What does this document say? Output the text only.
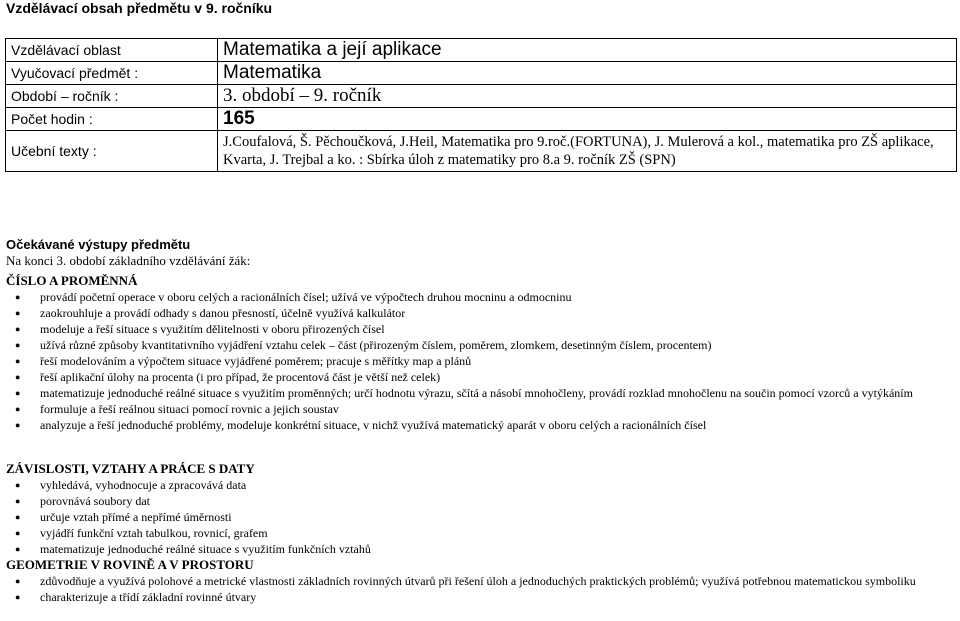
Vzdělávací obsah předmětu v 9. ročníku
Vzdělávací oblast	Matematika a její aplikace
Vyučovací předmět :	Matematika
Období – ročník :	3. období – 9. ročník
Počet hodin :	165
Učební texty :	J.Coufalová, Š. Pěchoučková, J.Heil, Matematika pro 9.roč.(FORTUNA), J. Mulerová a kol., matematika pro ZŠ aplikace, Kvarta, J. Trejbal a ko. : Sbírka úloh z matematiky pro 8.a 9. ročník ZŠ (SPN)
Očekávané výstupy předmětu
Na konci 3. období základního vzdělávání žák:
ČÍSLO A PROMĚNNÁ
● provádí početní operace v oboru celých a racionálních čísel; užívá ve výpočtech druhou mocninu a odmocninu
● zaokrouhluje a provádí odhady s danou přesností, účelně využívá kalkulátor
● modeluje a řeší situace s využitím dělitelnosti v oboru přirozených čísel
● užívá různé způsoby kvantitativního vyjádření vztahu celek – část (přirozeným číslem, poměrem, zlomkem, desetinným číslem, procentem)
● řeší modelováním a výpočtem situace vyjádřené poměrem; pracuje s měřítky map a plánů
● řeší aplikační úlohy na procenta (i pro případ, že procentová část je větší než celek)
● matematizuje jednoduché reálné situace s využitím proměnných; určí hodnotu výrazu, sčítá a násobí mnohočleny, provádí rozklad mnohočlenu na součin pomocí vzorců a vytýkáním
● formuluje a řeší reálnou situaci pomocí rovnic a jejich soustav
● analyzuje a řeší jednoduché problémy, modeluje konkrétní situace, v nichž využívá matematický aparát v oboru celých a racionálních čísel
ZÁVISLOSTI, VZTAHY A PRÁCE S DATY
● vyhledává, vyhodnocuje a zpracovává data
● porovnává soubory dat
● určuje vztah přímé a nepřímé úměrnosti
● vyjádří funkční vztah tabulkou, rovnicí, grafem
● matematizuje jednoduché reálné situace s využitím funkčních vztahů
GEOMETRIE V ROVINĚ A V PROSTORU
● zdůvodňuje a využívá polohové a metrické vlastnosti základních rovinných útvarů při řešení úloh a jednoduchých praktických problémů; využívá potřebnou matematickou symboliku
● charakterizuje a třídí základní rovinné útvary
